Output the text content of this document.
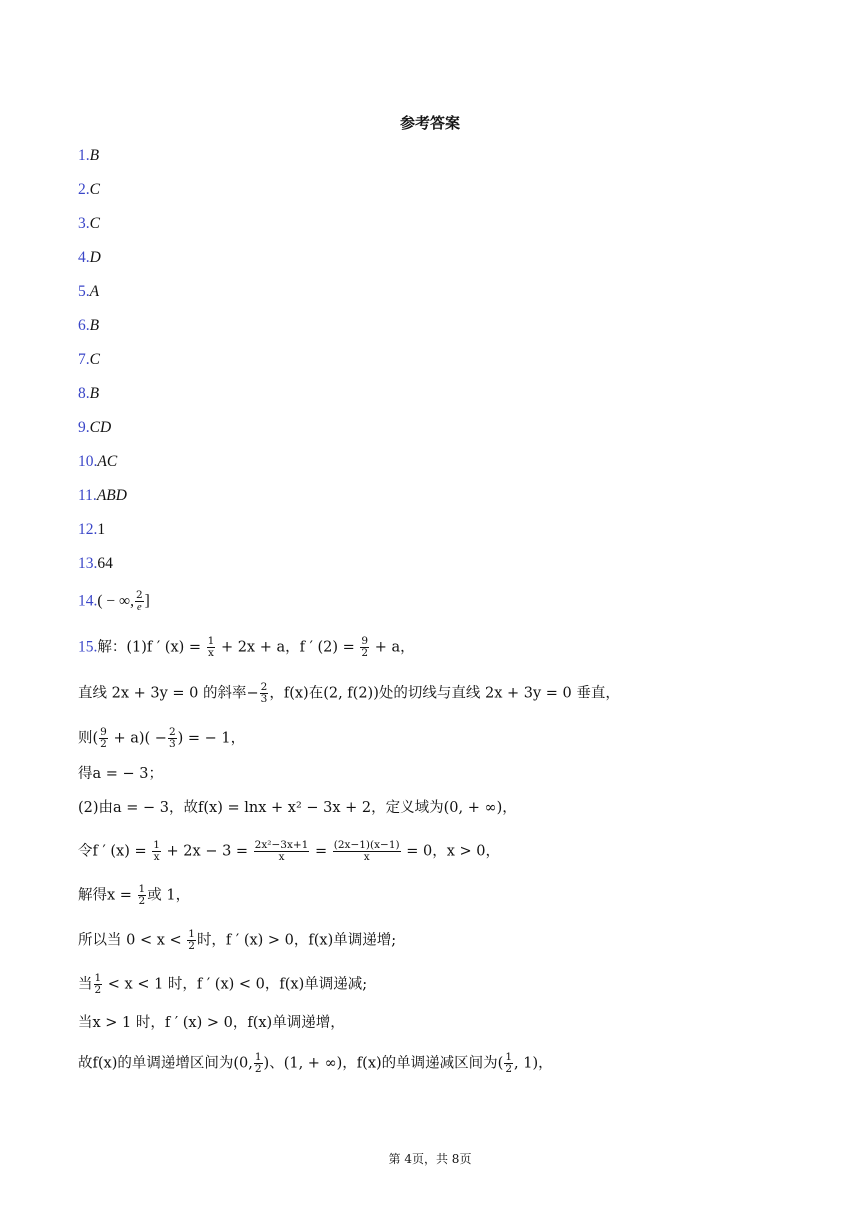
参考答案
1.B
2.C
3.C
4.D
5.A
6.B
7.C
8.B
9.CD
10.AC
11.ABD
12.1
13.64
14.( − ∞, $\frac{2}{e}$ ]
15.解：(1)f ′ $(x) = \frac{1}{x} + 2x + a$，f ′ $(2) = \frac{9}{2} + a$，
直线 2x + 3y = 0 的斜率− $\frac{2}{3}$ ，f(x)在(2, f(2))处的切线与直线 2x + 3y = 0 垂直，
则( $\frac{9}{2} + a)( - \frac{2}{3}$ ) = − 1，
得a = − 3；
(2)由a = − 3，故f(x) = lnx + x² − 3x + 2，定义域为(0, + ∞)，
令f ′ $(x) = \frac{1}{x} + 2x - 3 = \frac{\text{2x²−3x+1}}{x} = \frac{(2x-1)(x-1)}{x} = 0$，x > 0，
解得$x = \frac{1}{2}$ 或 1，
所以当 $0 < x < \frac{1}{2}$ 时，f ′ (x) > 0，f(x)单调递增;
当 $\frac{1}{2} < x < 1$ 时，f ′ (x) < 0，f(x)单调递减;
当x > 1 时，f ′ (x) > 0，f(x)单调递增，
故f(x)的单调递增区间为(0, $\frac{1}{2}$ )、(1, + ∞)，f(x)的单调递减区间为( $\frac{1}{2}$ , 1)，
第 4页，共 8页
